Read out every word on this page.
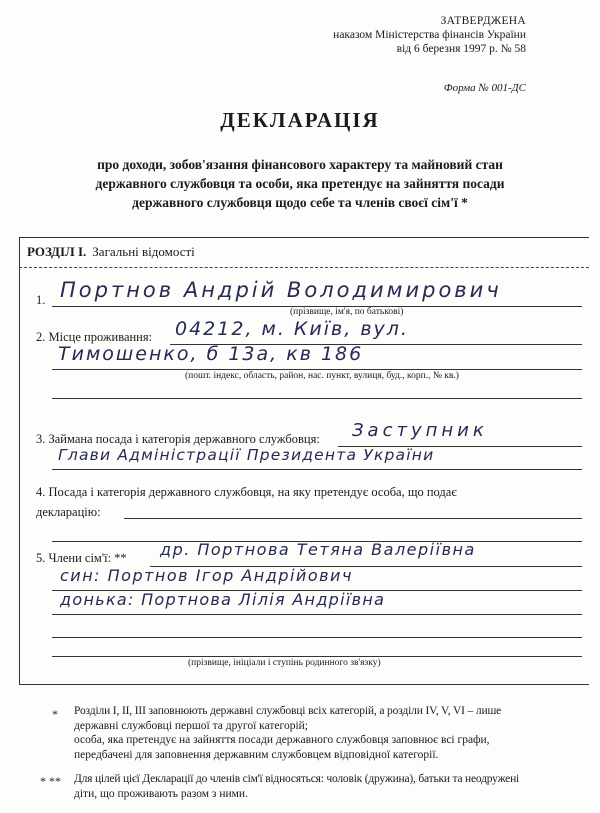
ЗАТВЕРДЖЕНА
наказом Міністерства фінансів України
від 6 березня 1997 р. № 58
Форма № 001-ДС
ДЕКЛАРАЦІЯ
про доходи, зобов'язання фінансового характеру та майновий стан
державного службовця та особи, яка претендує на зайняття посади
державного службовця щодо себе та членів своєї сім'ї *
РОЗДІЛ І. Загальні відомості
1. Портнов Андрій Володимирович
(прізвище, ім'я, по батькові)
2. Місце проживання: 04212, м. Київ, вул.
Тимошенко, б 13а, кв 186
(пошт. індекс, область, район, нас. пункт, вулиця, буд., корп., № кв.)
3. Займана посада і категорія державного службовця: Заступник
Глави Адміністрації Президента України
4. Посада і категорія державного службовця, на яку претендує особа, що подає
декларацію:
5. Члени сім'ї: ** др. Портнова Тетяна Валеріївна
син: Портнов Ігор Андрійович
донька: Портнова Лілія Андріївна
(прізвище, ініціали і ступінь родинного зв'язку)
* Розділи І, ІІ, ІІІ заповнюють державні службовці всіх категорій, а розділи IV, V, VI – лише
державні службовці першої та другої категорій;
особа, яка претендує на зайняття посади державного службовця заповнює всі графи,
передбачені для заповнення державним службовцем відповідної категорії.
* ** Для цілей цієї Декларації до членів сім'ї відносяться: чоловік (дружина), батьки та неодружені
діти, що проживають разом з ними.
